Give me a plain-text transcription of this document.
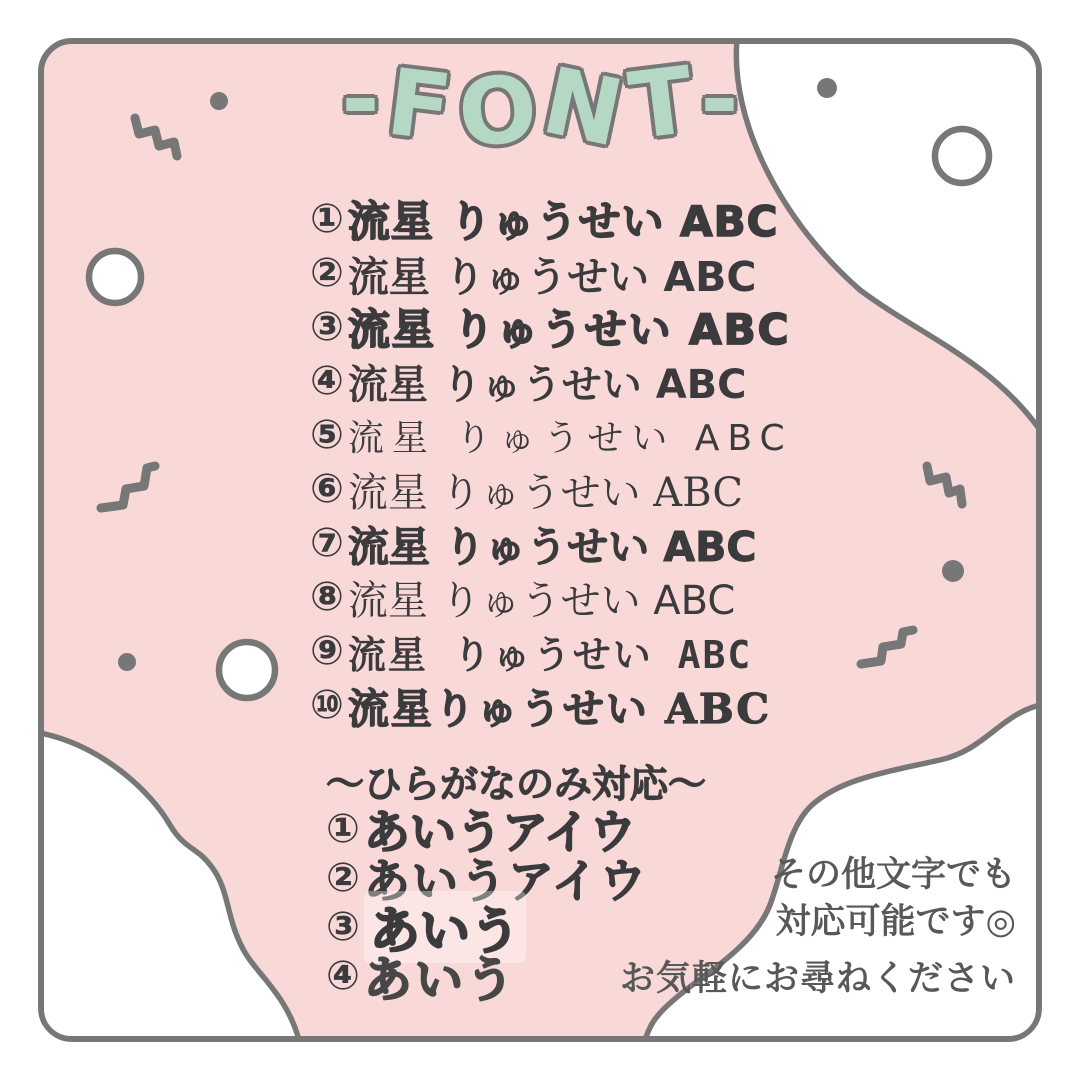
- F
O
N
T -
① 流星 りゅうせい ABC
② 流星 りゅうせい ABC
③ 流星 りゅうせい ABC
④ 流星 りゅうせい ABC
⑤ 流星 りゅうせい ABC
⑥ 流星 りゅうせい ABC
⑦ 流星 りゅうせい ABC
⑧ 流星 りゅうせい ABC
⑨ 流星 りゅうせい ABC
⑩ 流星りゅうせい ABC
〜ひらがなのみ対応〜
① あいうアイウ
② あいうアイウ
③ あいう
④ あいう
その他文字でも
対応可能です◎
お気軽にお尋ねください
